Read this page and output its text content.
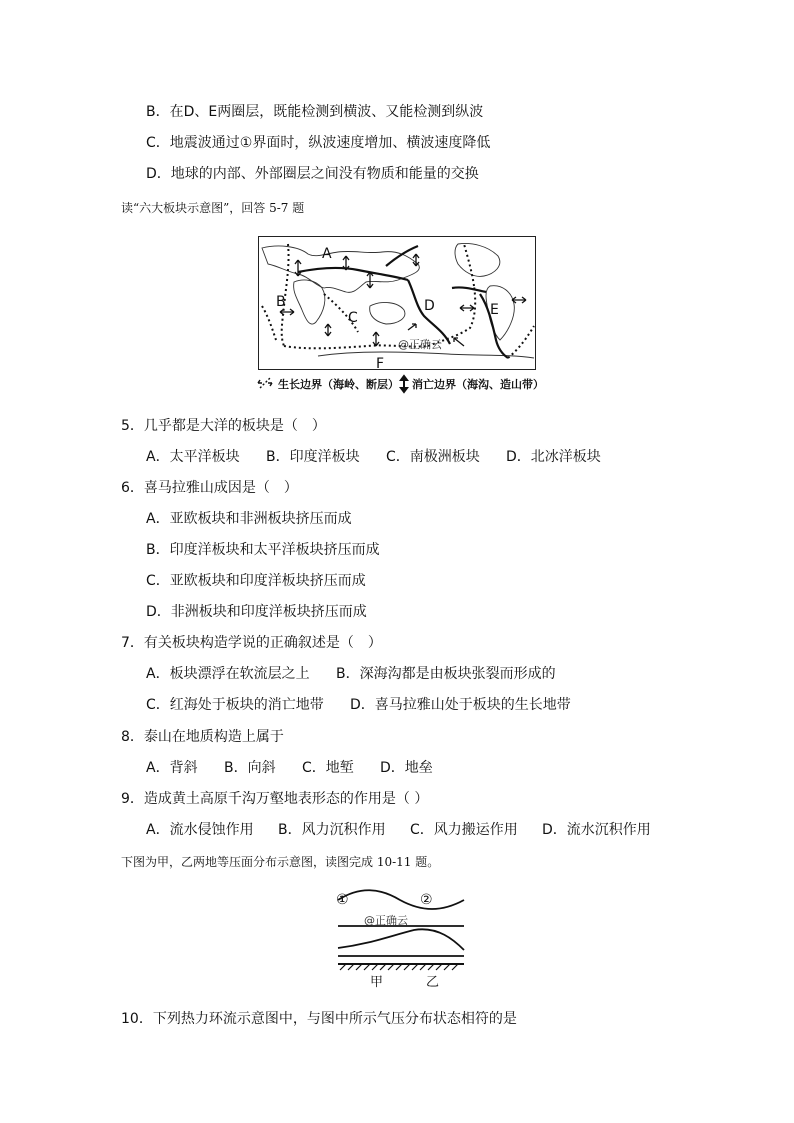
B．在D、E两圈层，既能检测到横波、又能检测到纵波
C．地震波通过①界面时，纵波速度增加、横波速度降低
D．地球的内部、外部圈层之间没有物质和能量的交换
读“六大板块示意图”，回答 5-7 题
A
B
C
D	E
F
@正确云
生长边界（海岭、断层） 消亡边界（海沟、造山带）
5．几乎都是大洋的板块是（　）
A．太平洋板块 B．印度洋板块 C．南极洲板块 D．北冰洋板块
6．喜马拉雅山成因是（　）
A．亚欧板块和非洲板块挤压而成
B．印度洋板块和太平洋板块挤压而成
C．亚欧板块和印度洋板块挤压而成
D．非洲板块和印度洋板块挤压而成
7．有关板块构造学说的正确叙述是（　）
A．板块漂浮在软流层之上 B．深海沟都是由板块张裂而形成的
C．红海处于板块的消亡地带 D．喜马拉雅山处于板块的生长地带
8．泰山在地质构造上属于
A．背斜 B．向斜 C．地堑 D．地垒
9．造成黄土高原千沟万壑地表形态的作用是（ ）
A．流水侵蚀作用 B．风力沉积作用 C．风力搬运作用 D．流水沉积作用
下图为甲，乙两地等压面分布示意图，读图完成 10-11 题。
①	②
@正确云
甲	乙
10．下列热力环流示意图中，与图中所示气压分布状态相符的是
